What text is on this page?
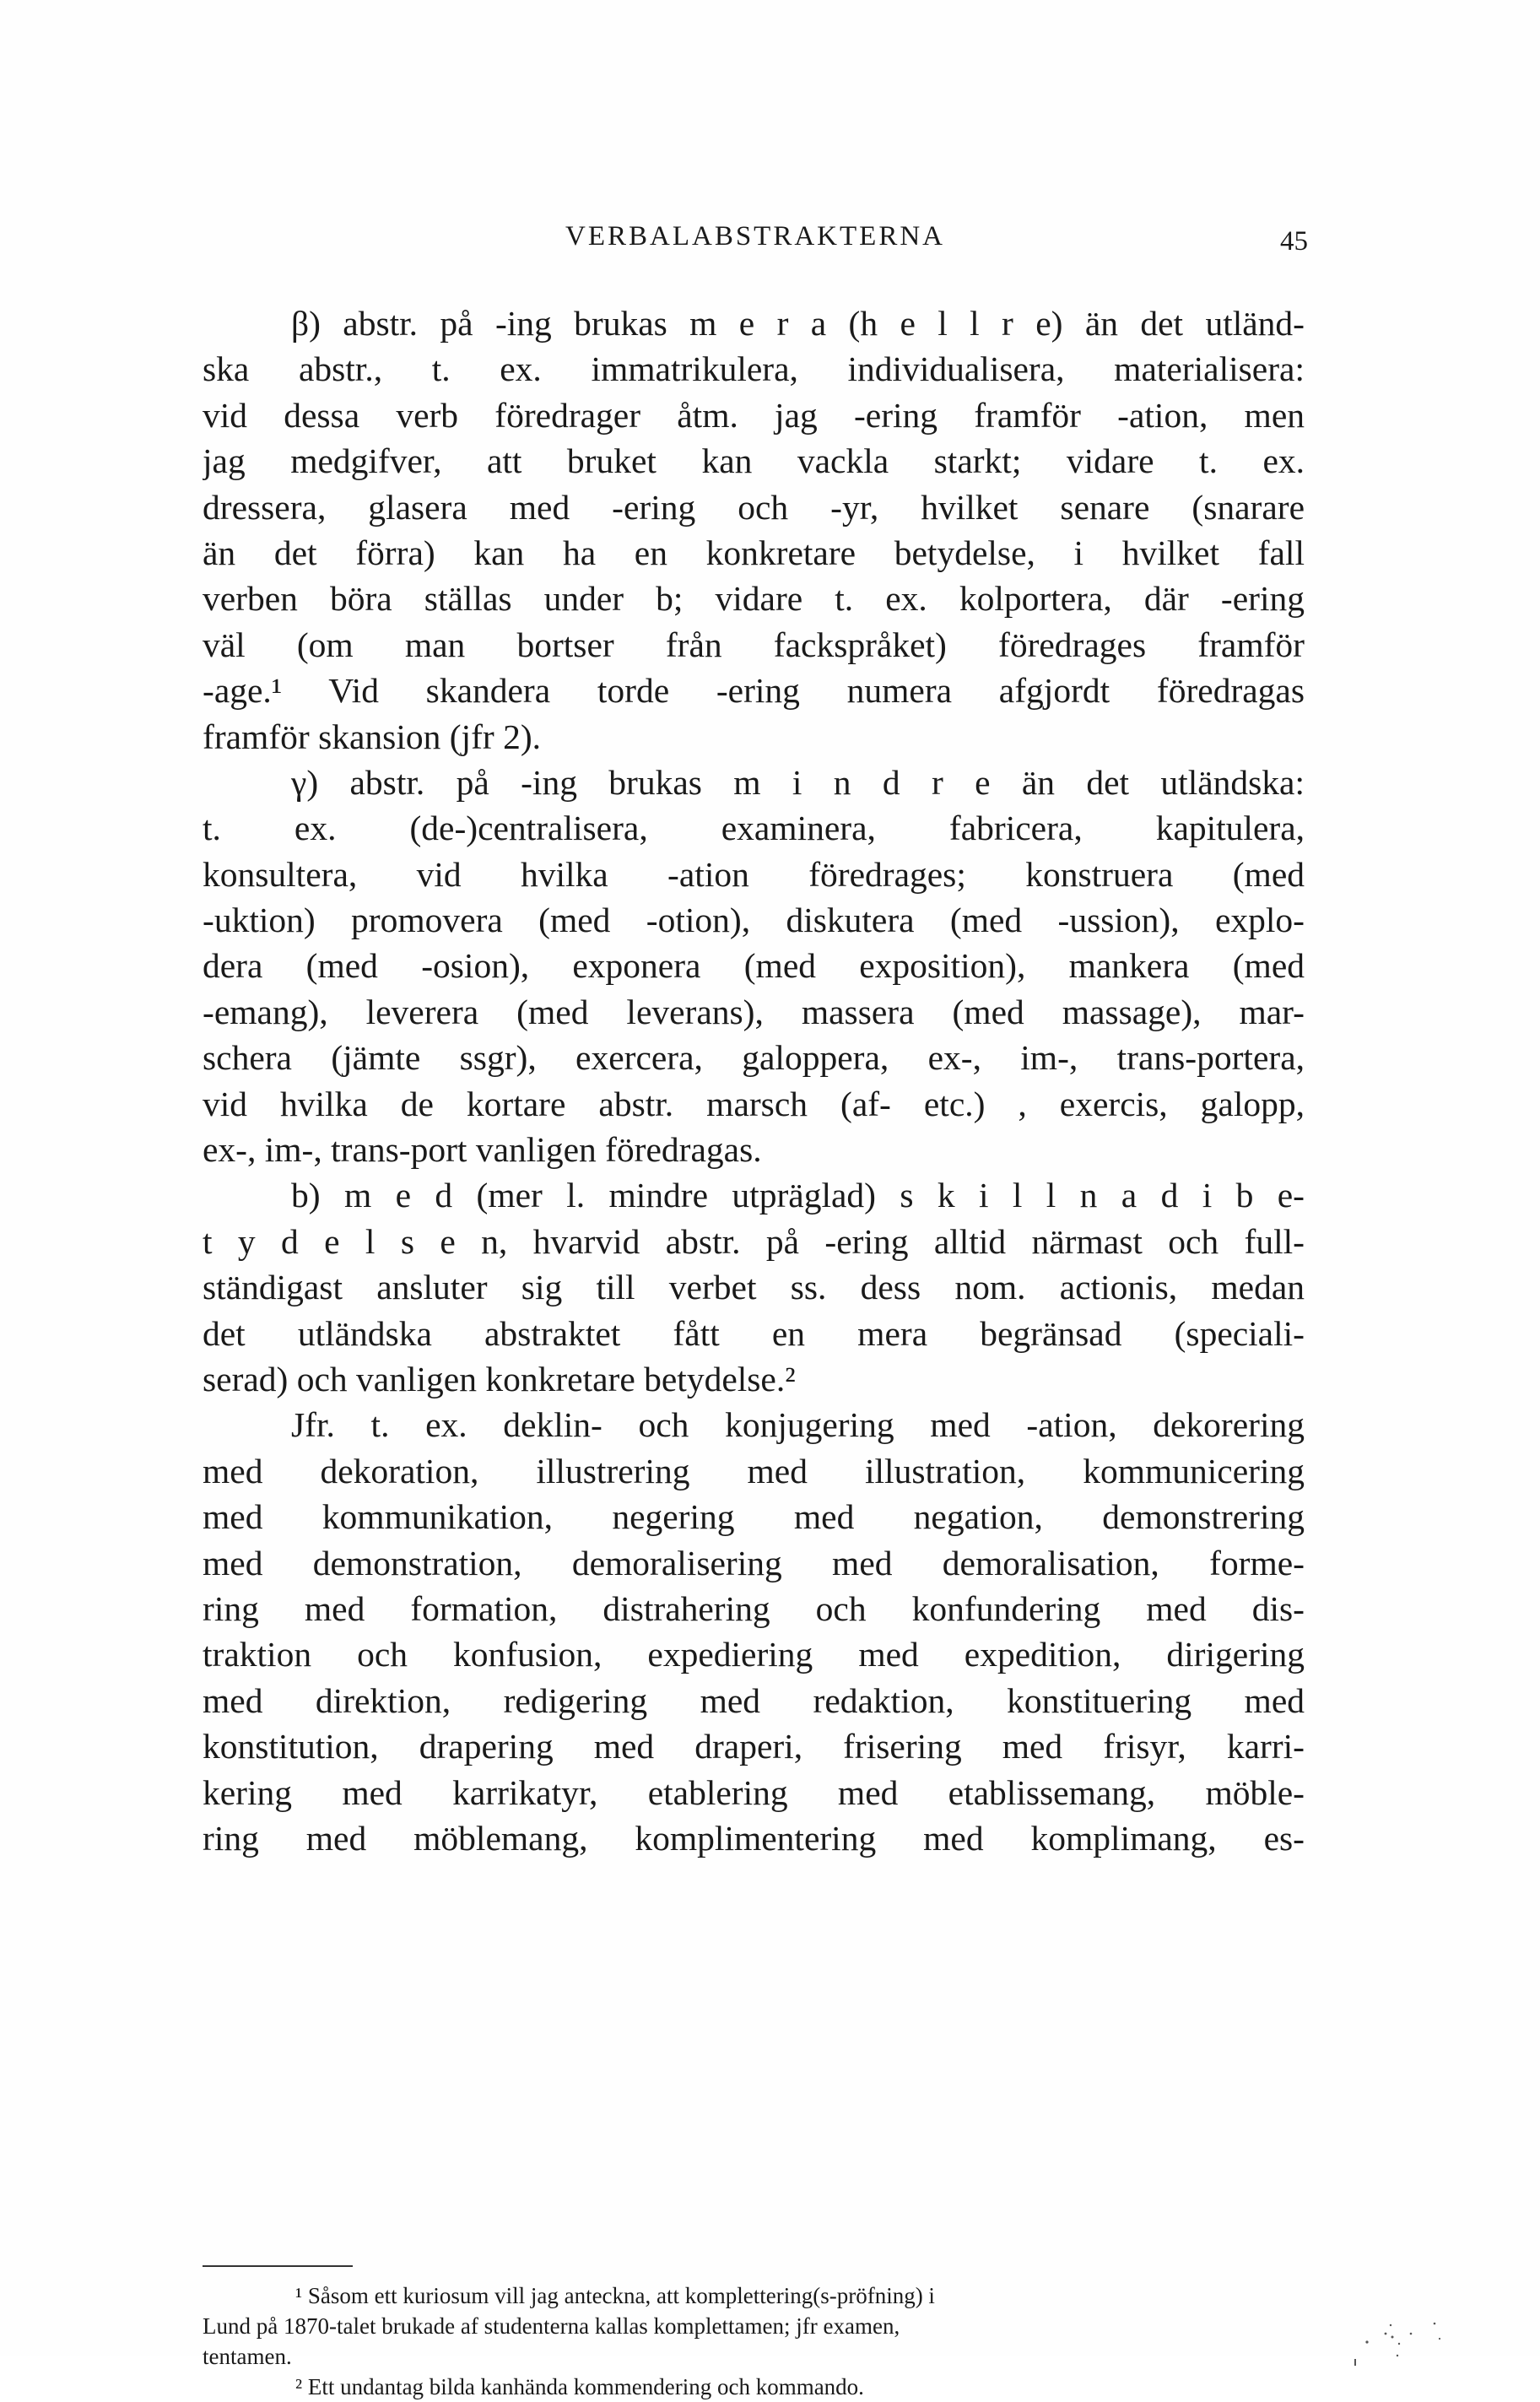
VERBALABSTRAKTERNA	45
β) abstr. på -ing brukas m e r a (h e l l r e) än det utländ-
ska abstr., t. ex. immatrikulera, individualisera, materialisera:
vid dessa verb föredrager åtm. jag -ering framför -ation, men
jag medgifver, att bruket kan vackla starkt; vidare t. ex.
dressera, glasera med -ering och -yr, hvilket senare (snarare
än det förra) kan ha en konkretare betydelse, i hvilket fall
verben böra ställas under b; vidare t. ex. kolportera, där -ering
väl (om man bortser från fackspråket) föredrages framför
-age.¹ Vid skandera torde -ering numera afgjordt föredragas
framför skansion (jfr 2).
γ) abstr. på -ing brukas m i n d r e än det utländska:
t. ex. (de-)centralisera, examinera, fabricera, kapitulera,
konsultera, vid hvilka -ation föredrages; konstruera (med
-uktion) promovera (med -otion), diskutera (med -ussion), explo-
dera (med -osion), exponera (med exposition), mankera (med
-emang), leverera (med leverans), massera (med massage), mar-
schera (jämte ssgr), exercera, galoppera, ex-, im-, trans-portera,
vid hvilka de kortare abstr. marsch (af- etc.) , exercis, galopp,
ex-, im-, trans-port vanligen föredragas.
b) m e d (mer l. mindre utpräglad) s k i l l n a d i b e-
t y d e l s e n, hvarvid abstr. på -ering alltid närmast och full-
ständigast ansluter sig till verbet ss. dess nom. actionis, medan
det utländska abstraktet fått en mera begränsad (speciali-
serad) och vanligen konkretare betydelse.²
Jfr. t. ex. deklin- och konjugering med -ation, dekorering
med dekoration, illustrering med illustration, kommunicering
med kommunikation, negering med negation, demonstrering
med demonstration, demoralisering med demoralisation, forme-
ring med formation, distrahering och konfundering med dis-
traktion och konfusion, expediering med expedition, dirigering
med direktion, redigering med redaktion, konstituering med
konstitution, drapering med draperi, frisering med frisyr, karri-
kering med karrikatyr, etablering med etablissemang, möble-
ring med möblemang, komplimentering med komplimang, es-
¹ Såsom ett kuriosum vill jag anteckna, att komplettering(s-pröfning) i
Lund på 1870-talet brukade af studenterna kallas komplettamen; jfr examen,
tentamen.
² Ett undantag bilda kanhända kommendering och kommando.
